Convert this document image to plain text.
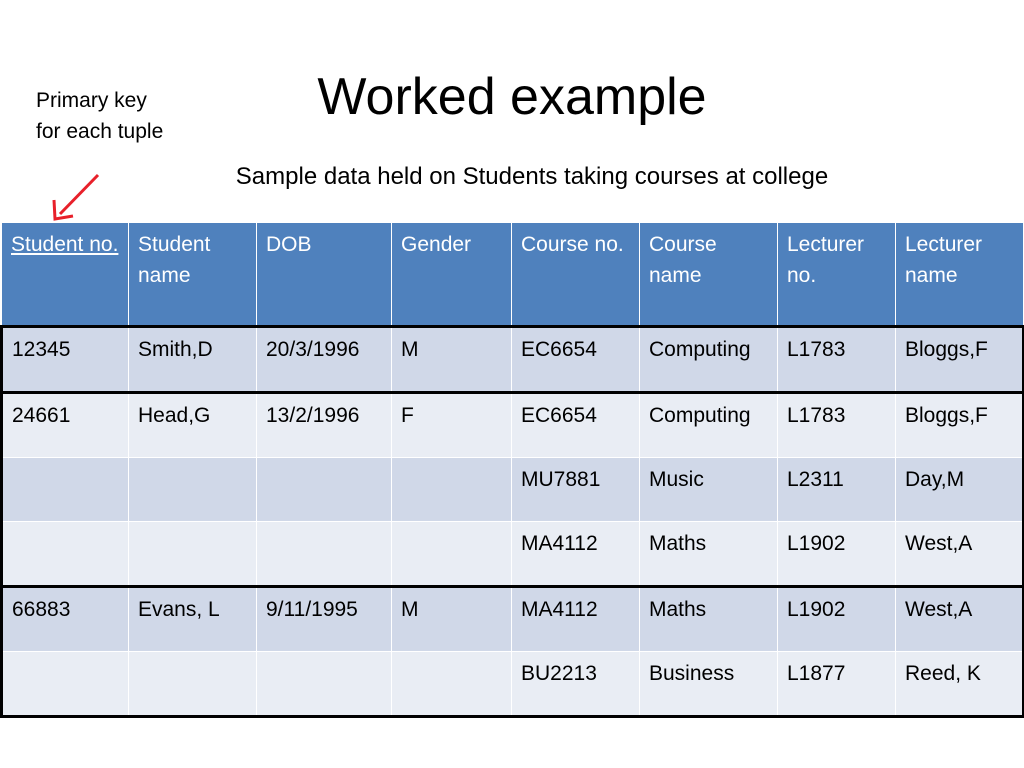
Worked example
Sample data held on Students taking courses at college
Primary key for each tuple
Student no.	Student name	DOB	Gender	Course no.	Course name	Lecturer no.	Lecturer name
12345	Smith,D	20/3/1996	M	EC6654	Computing	L1783	Bloggs,F
24661	Head,G	13/2/1996	F	EC6654	Computing	L1783	Bloggs,F
				MU7881	Music	L2311	Day,M
				MA4112	Maths	L1902	West,A
66883	Evans, L	9/11/1995	M	MA4112	Maths	L1902	West,A
				BU2213	Business	L1877	Reed, K
